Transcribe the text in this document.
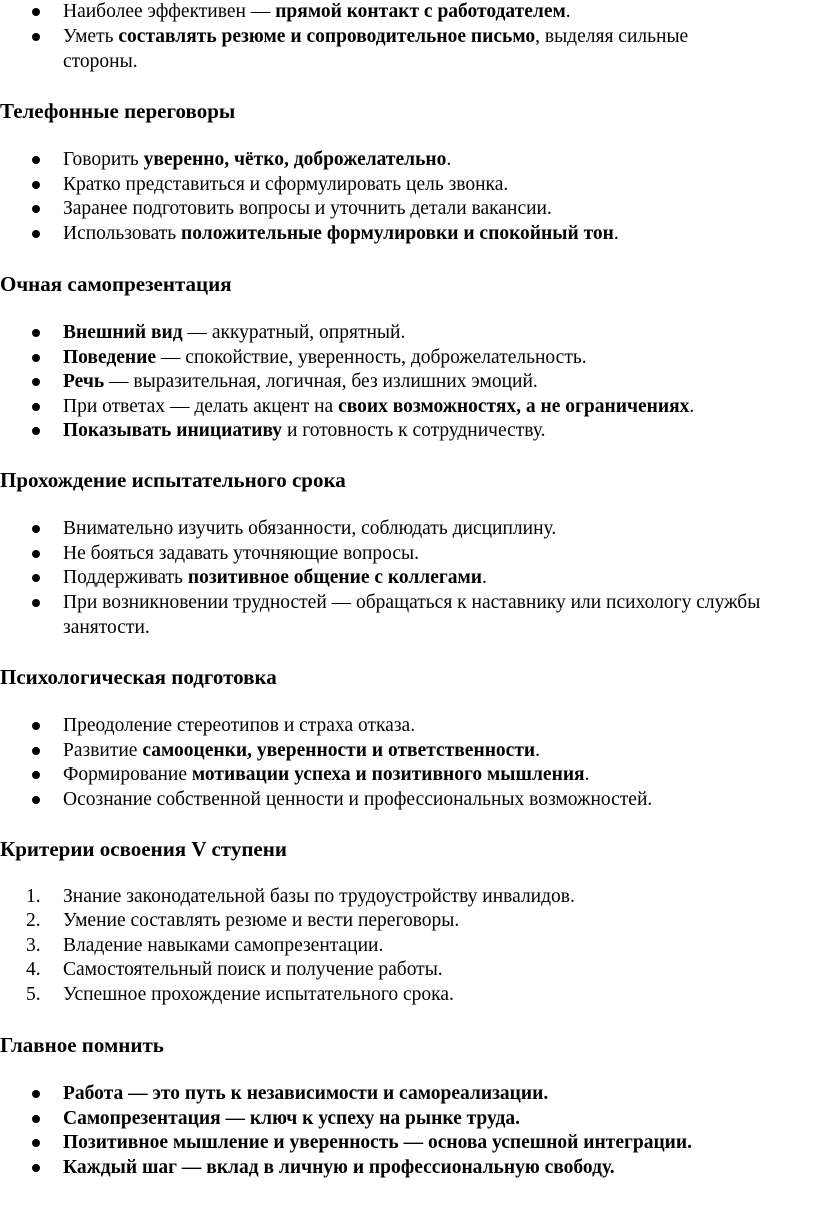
Наиболее эффективен — прямой контакт с работодателем.
Уметь составлять резюме и сопроводительное письмо, выделяя сильные
стороны.
Телефонные переговоры
Говорить уверенно, чётко, доброжелательно.
Кратко представиться и сформулировать цель звонка.
Заранее подготовить вопросы и уточнить детали вакансии.
Использовать положительные формулировки и спокойный тон.
Очная самопрезентация
Внешний вид — аккуратный, опрятный.
Поведение — спокойствие, уверенность, доброжелательность.
Речь — выразительная, логичная, без излишних эмоций.
При ответах — делать акцент на своих возможностях, а не ограничениях.
Показывать инициативу и готовность к сотрудничеству.
Прохождение испытательного срока
Внимательно изучить обязанности, соблюдать дисциплину.
Не бояться задавать уточняющие вопросы.
Поддерживать позитивное общение с коллегами.
При возникновении трудностей — обращаться к наставнику или психологу службы
занятости.
Психологическая подготовка
Преодоление стереотипов и страха отказа.
Развитие самооценки, уверенности и ответственности.
Формирование мотивации успеха и позитивного мышления.
Осознание собственной ценности и профессиональных возможностей.
Критерии освоения V ступени
1.	Знание законодательной базы по трудоустройству инвалидов.
2.	Умение составлять резюме и вести переговоры.
3.	Владение навыками самопрезентации.
4.	Самостоятельный поиск и получение работы.
5.	Успешное прохождение испытательного срока.
Главное помнить
Работа — это путь к независимости и самореализации.
Самопрезентация — ключ к успеху на рынке труда.
Позитивное мышление и уверенность — основа успешной интеграции.
Каждый шаг — вклад в личную и профессиональную свободу.
